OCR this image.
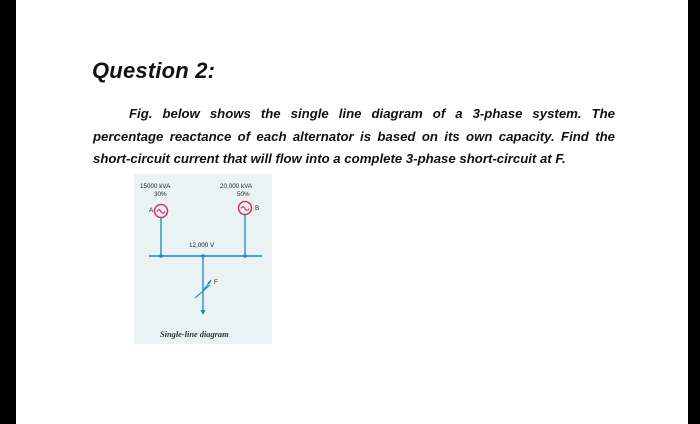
Question 2:

Fig. below shows the single line diagram of a 3-phase system. The percentage reactance of each alternator is based on its own capacity. Find the short-circuit current that will flow into a complete 3-phase short-circuit at F.

15000 kVA
30%
A
20,000 kVA
50%
B
12,000 V
F
Single-line diagram
